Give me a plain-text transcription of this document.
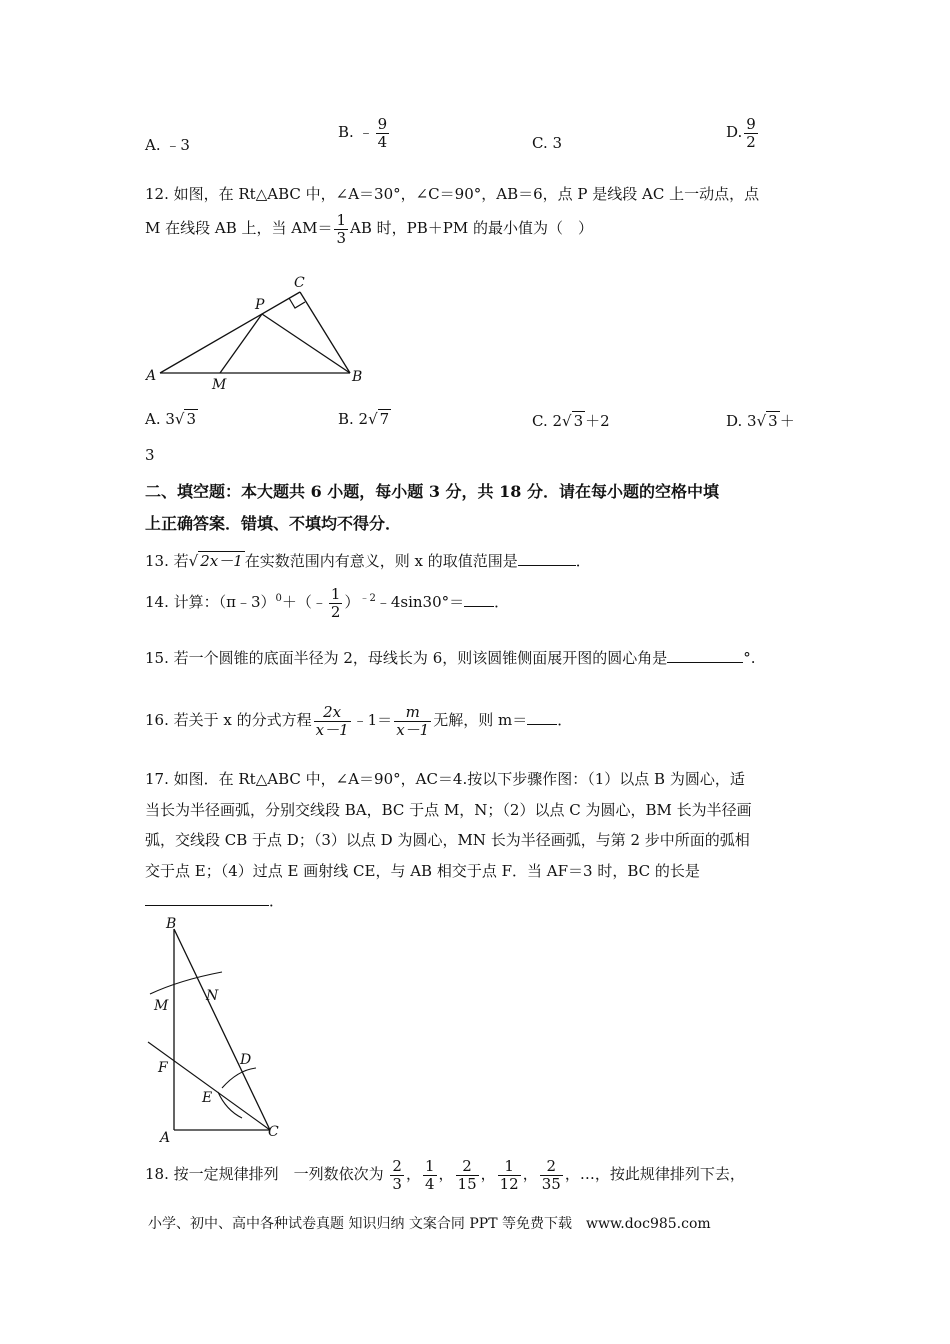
A. ﹣3
B. ﹣ $\frac{9}{4}$	C. 3
D. $\frac{9}{2}$
12. 如图，在 Rt△ABC 中，∠A＝30°，∠C＝90°，AB＝6，点 P 是线段 AC 上一动点，点
M 在线段 AB 上，当 $AM= \frac{1}{3}$ AB 时，PB＋PM 的最小值为（　）
A	B
C
P
M
A. 3√ 3	B. 2√ 7	C. 2√ 3 ＋2	D. 3√ 3 ＋
3
二、填空题：本大题共 6 小题，每小题 3 分，共 18 分．请在每小题的空格中填
上正确答案．错填、不填均不得分．
13. 若√ 2x－1 在实数范围内有意义，则 x 的取值范围是	．
14. 计算：（π﹣3）$^0$＋（﹣ $\frac{1}{2}$ ）$^{﹣2}$﹣4sin30°＝ ．
15. 若一个圆锥的底面半径为 2，母线长为 6，则该圆锥侧面展开图的圆心角是	°.
16. 若关于 x 的分式方程 $\frac{2x}{x-1}$ ﹣1＝ $\frac{m}{x-1}$ 无解，则 m＝ ．
17. 如图．在 Rt△ABC 中，∠A＝90°，AC＝4.按以下步骤作图：（1）以点 B 为圆心，适
当长为半径画弧，分别交线段 BA，BC 于点 M，N；（2）以点 C 为圆心，BM 长为半径画
弧，交线段 CB 于点 D；（3）以点 D 为圆心，MN 长为半径画弧，与第 2 步中所面的弧相
交于点 E；（4）过点 E 画射线 CE，与 AB 相交于点 F．当 AF＝3 时，BC 的长是
．
B
M
N
F
E
D
A	C
18. 按一定规律排列　一列数依次为 $\frac{2}{3}$ ， $\frac{1}{4}$ ， $\frac{2}{15}$ ， $\frac{1}{12}$ ， $\frac{2}{35}$ ，…，按此规律排列下去，
小学、初中、高中各种试卷真题 知识归纳 文案合同 PPT 等免费下载　www.doc985.com
